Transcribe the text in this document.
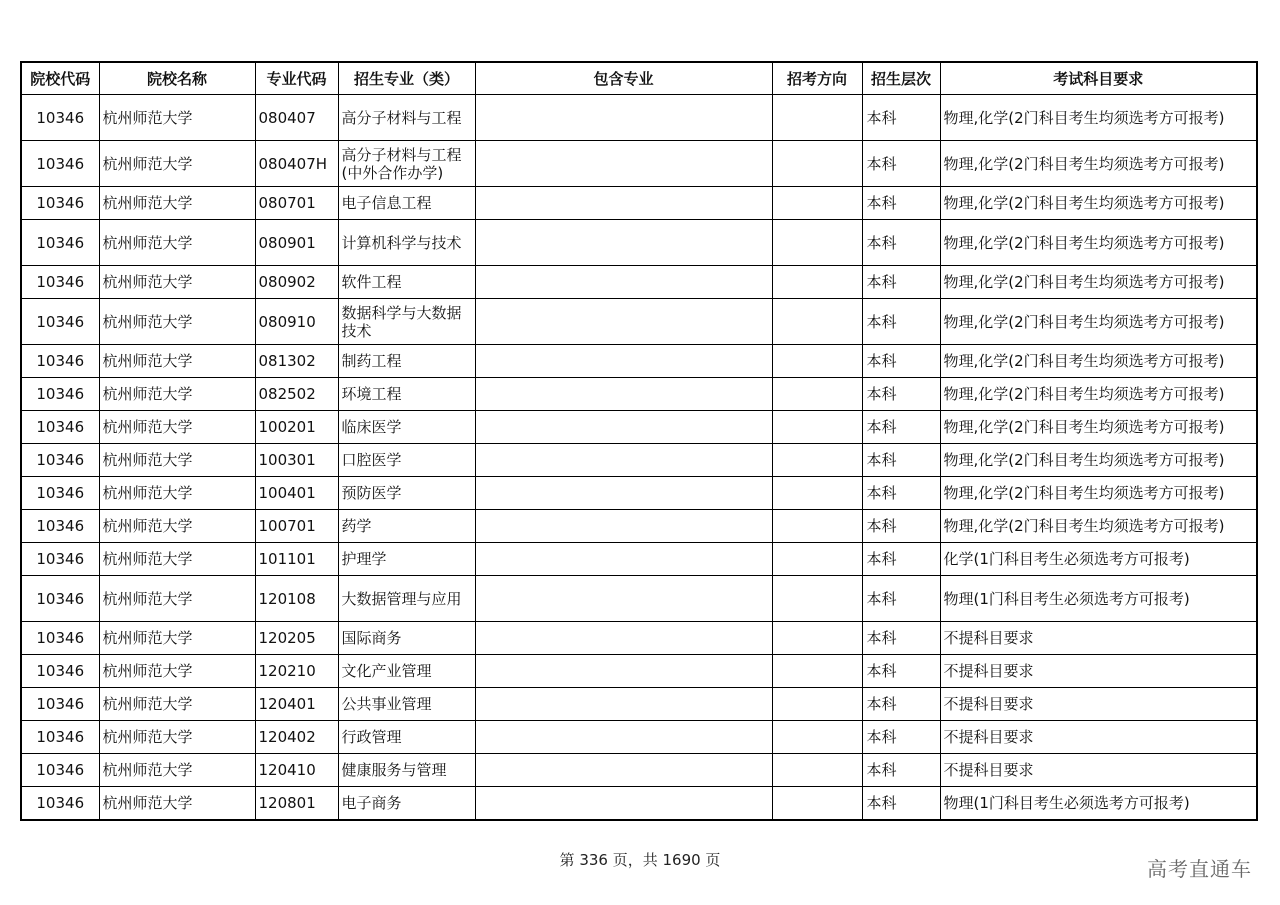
院校代码	院校名称	专业代码	招生专业（类）	包含专业	招考方向	招生层次	考试科目要求
10346	杭州师范大学	080407	高分子材料与工程			本科	物理,化学(2门科目考生均须选考方可报考)
10346	杭州师范大学	080407H	高分子材料与工程(中外合作办学)			本科	物理,化学(2门科目考生均须选考方可报考)
10346	杭州师范大学	080701	电子信息工程			本科	物理,化学(2门科目考生均须选考方可报考)
10346	杭州师范大学	080901	计算机科学与技术			本科	物理,化学(2门科目考生均须选考方可报考)
10346	杭州师范大学	080902	软件工程			本科	物理,化学(2门科目考生均须选考方可报考)
10346	杭州师范大学	080910	数据科学与大数据技术			本科	物理,化学(2门科目考生均须选考方可报考)
10346	杭州师范大学	081302	制药工程			本科	物理,化学(2门科目考生均须选考方可报考)
10346	杭州师范大学	082502	环境工程			本科	物理,化学(2门科目考生均须选考方可报考)
10346	杭州师范大学	100201	临床医学			本科	物理,化学(2门科目考生均须选考方可报考)
10346	杭州师范大学	100301	口腔医学			本科	物理,化学(2门科目考生均须选考方可报考)
10346	杭州师范大学	100401	预防医学			本科	物理,化学(2门科目考生均须选考方可报考)
10346	杭州师范大学	100701	药学			本科	物理,化学(2门科目考生均须选考方可报考)
10346	杭州师范大学	101101	护理学			本科	化学(1门科目考生必须选考方可报考)
10346	杭州师范大学	120108	大数据管理与应用			本科	物理(1门科目考生必须选考方可报考)
10346	杭州师范大学	120205	国际商务			本科	不提科目要求
10346	杭州师范大学	120210	文化产业管理			本科	不提科目要求
10346	杭州师范大学	120401	公共事业管理			本科	不提科目要求
10346	杭州师范大学	120402	行政管理			本科	不提科目要求
10346	杭州师范大学	120410	健康服务与管理			本科	不提科目要求
10346	杭州师范大学	120801	电子商务			本科	物理(1门科目考生必须选考方可报考)
第 336 页，共 1690 页	高考直通车
